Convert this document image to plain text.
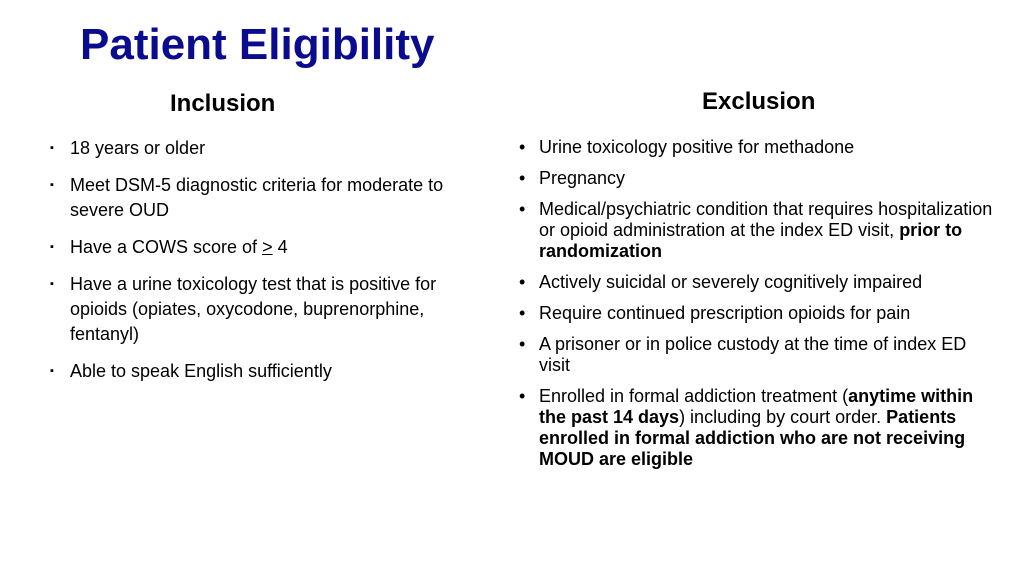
Patient Eligibility
Inclusion	Exclusion
▪ 18 years or older
▪ Meet DSM-5 diagnostic criteria for moderate to severe OUD
▪ Have a COWS score of ≥ 4
▪ Have a urine toxicology test that is positive for opioids (opiates, oxycodone, buprenorphine, fentanyl)
▪ Able to speak English sufficiently
• Urine toxicology positive for methadone
• Pregnancy
• Medical/psychiatric condition that requires hospitalization or opioid administration at the index ED visit, prior to randomization
• Actively suicidal or severely cognitively impaired
• Require continued prescription opioids for pain
• A prisoner or in police custody at the time of index ED visit
• Enrolled in formal addiction treatment (anytime within the past 14 days) including by court order. Patients enrolled in formal addiction who are not receiving MOUD are eligible
